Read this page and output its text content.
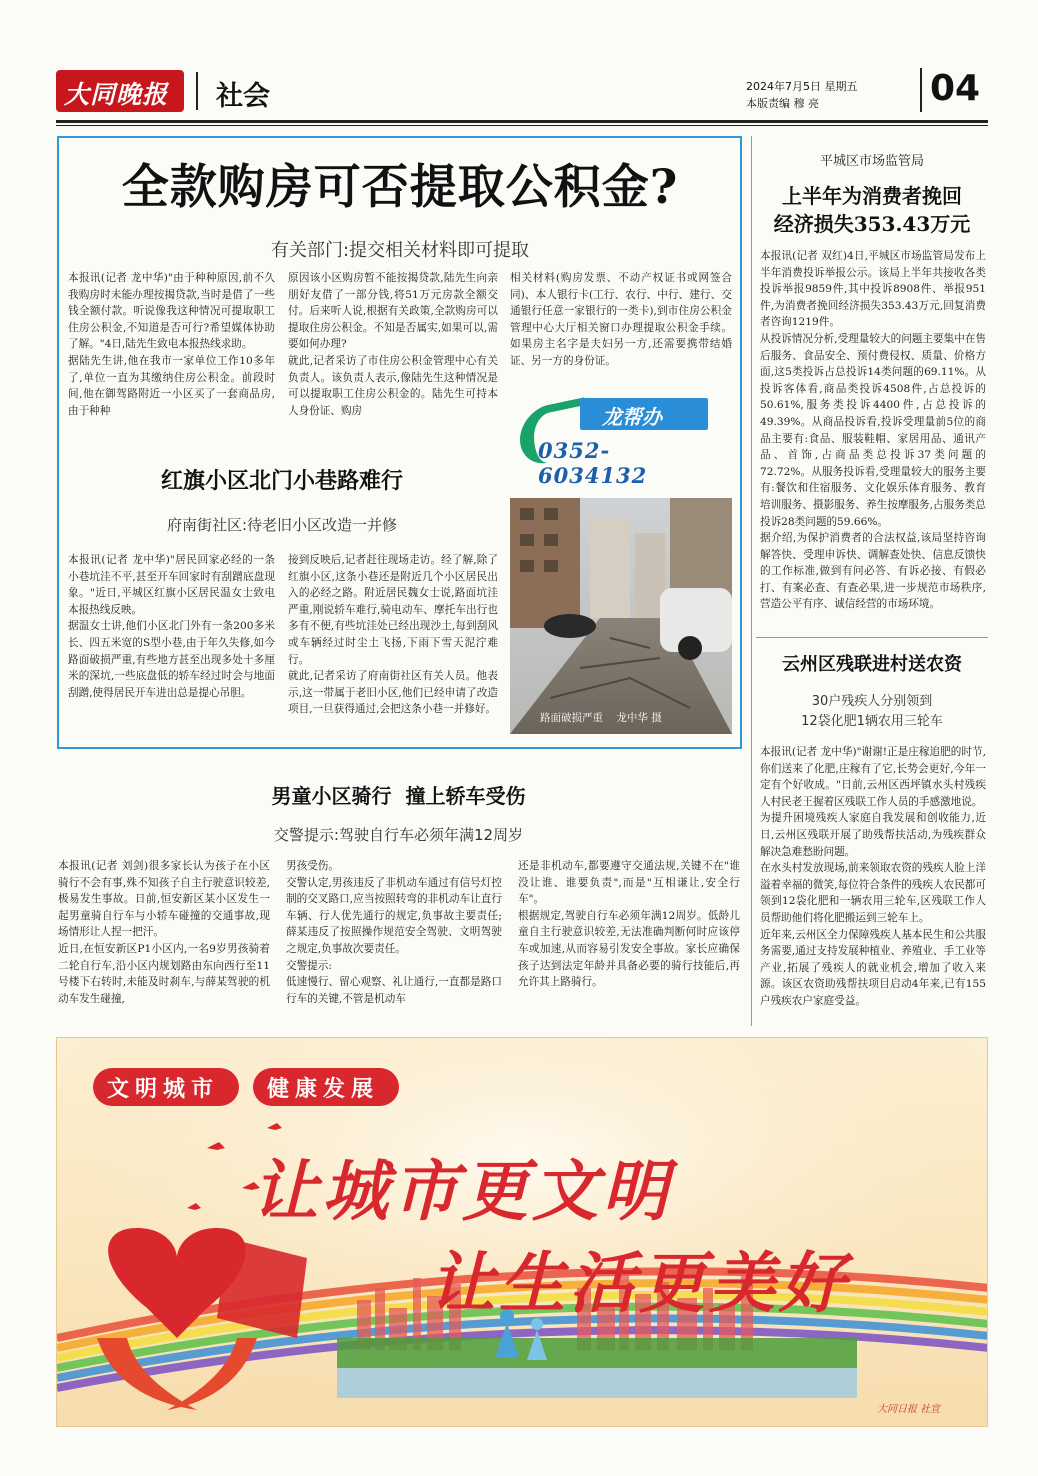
大同晚报 社会	2024年7月5日 星期五
本版责编 穆 亮	04
全款购房可否提取公积金?
有关部门:提交相关材料即可提取
本报讯(记者 龙中华)"由于种种原因,前不久我购房时未能办理按揭贷款,当时是借了一些钱全额付款。听说像我这种情况可提取职工住房公积金,不知道是否可行?希望媒体协助了解。"4日,陆先生致电本报热线求助。
据陆先生讲,他在我市一家单位工作10多年了,单位一直为其缴纳住房公积金。前段时间,他在御驾路附近一小区买了一套商品房,由于种种
原因该小区购房暂不能按揭贷款,陆先生向亲朋好友借了一部分钱,将51万元房款全额交付。后来听人说,根据有关政策,全款购房可以提取住房公积金。不知是否属实,如果可以,需要如何办理?
就此,记者采访了市住房公积金管理中心有关负责人。该负责人表示,像陆先生这种情况是可以提取职工住房公积金的。陆先生可持本人身份证、购房
相关材料(购房发票、不动产权证书或网签合同)、本人银行卡(工行、农行、中行、建行、交通银行任意一家银行的一类卡),到市住房公积金管理中心大厅相关窗口办理提取公积金手续。如果房主名字是夫妇另一方,还需要携带结婚证、另一方的身份证。
龙帮办
0352-6034132
红旗小区北门小巷路难行
府南街社区:待老旧小区改造一并修
本报讯(记者 龙中华)"居民回家必经的一条小巷坑洼不平,甚至开车回家时有刮蹭底盘现象。"近日,平城区红旗小区居民温女士致电本报热线反映。
据温女士讲,他们小区北门外有一条200多米长、四五米宽的S型小巷,由于年久失修,如今路面破损严重,有些地方甚至出现多处十多厘米的深坑,一些底盘低的轿车经过时会与地面刮蹭,使得居民开车进出总是提心吊胆。
接到反映后,记者赶往现场走访。经了解,除了红旗小区,这条小巷还是附近几个小区居民出入的必经之路。附近居民魏女士说,路面坑洼严重,刚说轿车难行,骑电动车、摩托车出行也多有不便,有些坑洼处已经出现沙土,每到刮风或车辆经过时尘土飞扬,下雨下雪天泥泞难行。
就此,记者采访了府南街社区有关人员。他表示,这一带属于老旧小区,他们已经申请了改造项目,一旦获得通过,会把这条小巷一并修好。
路面破损严重    龙中华 摄
平城区市场监管局
上半年为消费者挽回
经济损失353.43万元
本报讯(记者 双红)4日,平城区市场监管局发布上半年消费投诉举报公示。该局上半年共接收各类投诉举报9859件,其中投诉8908件、举报951件,为消费者挽回经济损失353.43万元,回复消费者咨询1219件。
从投诉情况分析,受理量较大的问题主要集中在售后服务、食品安全、预付费侵权、质量、价格方面,这5类投诉占总投诉14类问题的69.11%。从投诉客体看,商品类投诉4508件,占总投诉的50.61%,服务类投诉4400件,占总投诉的49.39%。从商品投诉看,投诉受理量前5位的商品主要有:食品、服装鞋帽、家居用品、通讯产品、首饰,占商品类总投诉37类问题的72.72%。从服务投诉看,受理量较大的服务主要有:餐饮和住宿服务、文化娱乐体育服务、教育培训服务、摄影服务、养生按摩服务,占服务类总投诉28类问题的59.66%。
据介绍,为保护消费者的合法权益,该局坚持咨询解答快、受理申诉快、调解查处快、信息反馈快的工作标准,做到有问必答、有诉必接、有假必打、有案必查、有查必果,进一步规范市场秩序,营造公平有序、诚信经营的市场环境。
云州区残联进村送农资
30户残疾人分别领到
12袋化肥1辆农用三轮车
本报讯(记者 龙中华)"谢谢!正是庄稼追肥的时节,你们送来了化肥,庄稼有了它,长势会更好,今年一定有个好收成。"日前,云州区西坪镇水头村残疾人村民老王握着区残联工作人员的手感激地说。
为提升困境残疾人家庭自我发展和创收能力,近日,云州区残联开展了助残帮扶活动,为残疾群众解决急难愁盼问题。
在水头村发放现场,前来领取农资的残疾人脸上洋溢着幸福的微笑,每位符合条件的残疾人农民都可领到12袋化肥和一辆农用三轮车,区残联工作人员帮助他们将化肥搬运到三轮车上。
近年来,云州区全力保障残疾人基本民生和公共服务需要,通过支持发展种植业、养殖业、手工业等产业,拓展了残疾人的就业机会,增加了收入来源。该区农资助残帮扶项目启动4年来,已有155户残疾农户家庭受益。
男童小区骑行  撞上轿车受伤
交警提示:驾驶自行车必须年满12周岁
本报讯(记者 刘剑)很多家长认为孩子在小区骑行不会有事,殊不知孩子自主行驶意识较差,极易发生事故。日前,恒安新区某小区发生一起男童骑自行车与小轿车碰撞的交通事故,现场情形让人捏一把汗。
近日,在恒安新区P1小区内,一名9岁男孩骑着二轮自行车,沿小区内规划路由东向西行至11号楼下右转时,未能及时刹车,与薛某驾驶的机动车发生碰撞,
男孩受伤。
交警认定,男孩违反了非机动车通过有信号灯控制的交叉路口,应当按照转弯的非机动车让直行车辆、行人优先通行的规定,负事故主要责任;薛某违反了按照操作规范安全驾驶、文明驾驶之规定,负事故次要责任。
交警提示:
低速慢行、留心观察、礼让通行,一直都是路口行车的关键,不管是机动车
还是非机动车,都要遵守交通法规,关键不在"谁没让谁、谁要负责",而是"互相谦让,安全行车"。
根据规定,驾驶自行车必须年满12周岁。低龄儿童自主行驶意识较差,无法准确判断何时应该停车或加速,从而容易引发安全事故。家长应确保孩子达到法定年龄并具备必要的骑行技能后,再允许其上路骑行。
文明城市 健康发展
让城市更文明
让生活更美好
大同日报 社宣
